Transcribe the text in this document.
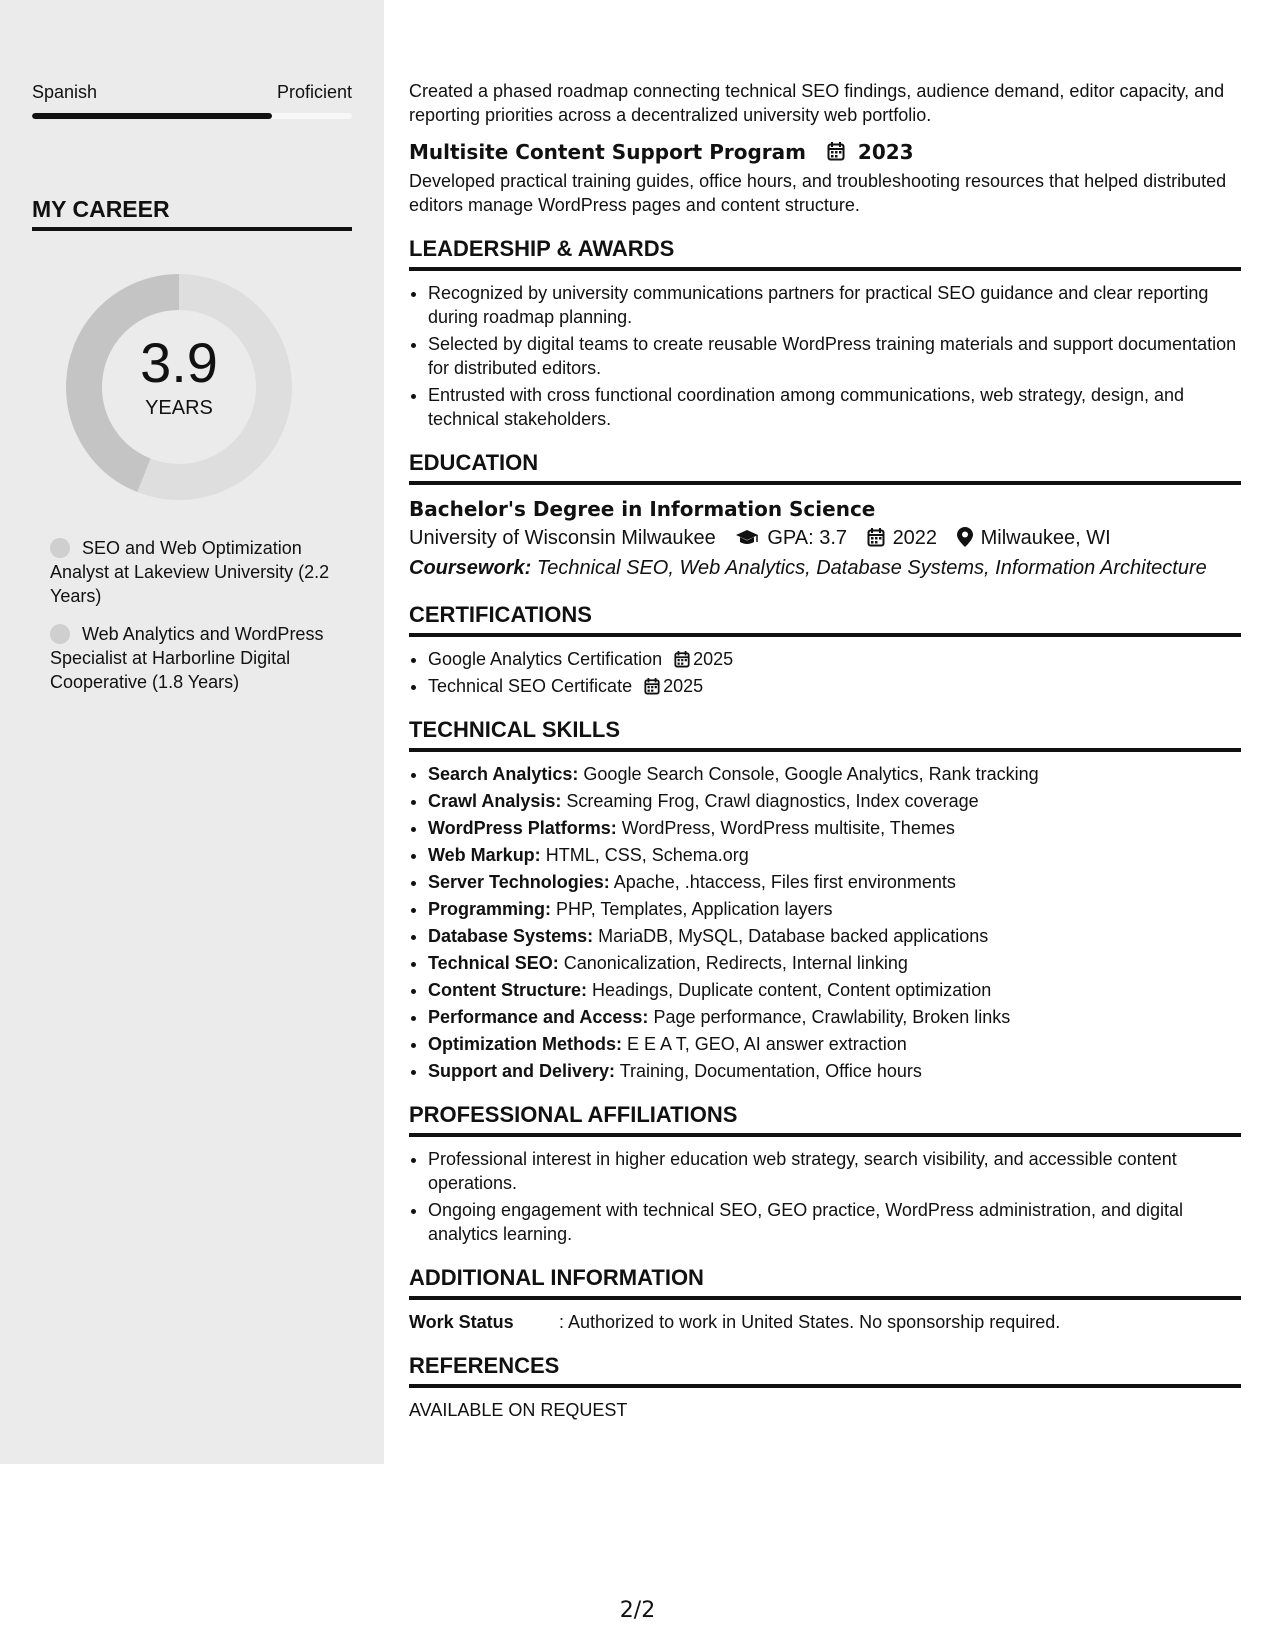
Spanish	Proficient
MY CAREER
3.9
YEARS
SEO and Web Optimization Analyst at Lakeview University (2.2 Years)
Web Analytics and WordPress Specialist at Harborline Digital Cooperative (1.8 Years)

Created a phased roadmap connecting technical SEO findings, audience demand, editor capacity, and reporting priorities across a decentralized university web portfolio.

Multisite Content Support Program	2023

Developed practical training guides, office hours, and troubleshooting resources that helped distributed editors manage WordPress pages and content structure.

LEADERSHIP & AWARDS
• Recognized by university communications partners for practical SEO guidance and clear reporting during roadmap planning.
• Selected by digital teams to create reusable WordPress training materials and support documentation for distributed editors.
• Entrusted with cross functional coordination among communications, web strategy, design, and technical stakeholders.
EDUCATION
Bachelor's Degree in Information Science
University of Wisconsin Milwaukee	GPA: 3.7 2022 Milwaukee, WI
Coursework: Technical SEO, Web Analytics, Database Systems, Information Architecture
CERTIFICATIONS
• Google Analytics Certification 2025
• Technical SEO Certificate 2025
TECHNICAL SKILLS
• Search Analytics: Google Search Console, Google Analytics, Rank tracking
• Crawl Analysis: Screaming Frog, Crawl diagnostics, Index coverage
• WordPress Platforms: WordPress, WordPress multisite, Themes
• Web Markup: HTML, CSS, Schema.org
• Server Technologies: Apache, .htaccess, Files first environments
• Programming: PHP, Templates, Application layers
• Database Systems: MariaDB, MySQL, Database backed applications
• Technical SEO: Canonicalization, Redirects, Internal linking
• Content Structure: Headings, Duplicate content, Content optimization
• Performance and Access: Page performance, Crawlability, Broken links
• Optimization Methods: E E A T, GEO, AI answer extraction
• Support and Delivery: Training, Documentation, Office hours
PROFESSIONAL AFFILIATIONS
• Professional interest in higher education web strategy, search visibility, and accessible content operations.
• Ongoing engagement with technical SEO, GEO practice, WordPress administration, and digital analytics learning.
ADDITIONAL INFORMATION
Work Status	: Authorized to work in United States. No sponsorship required.
REFERENCES
AVAILABLE ON REQUEST
2/2
